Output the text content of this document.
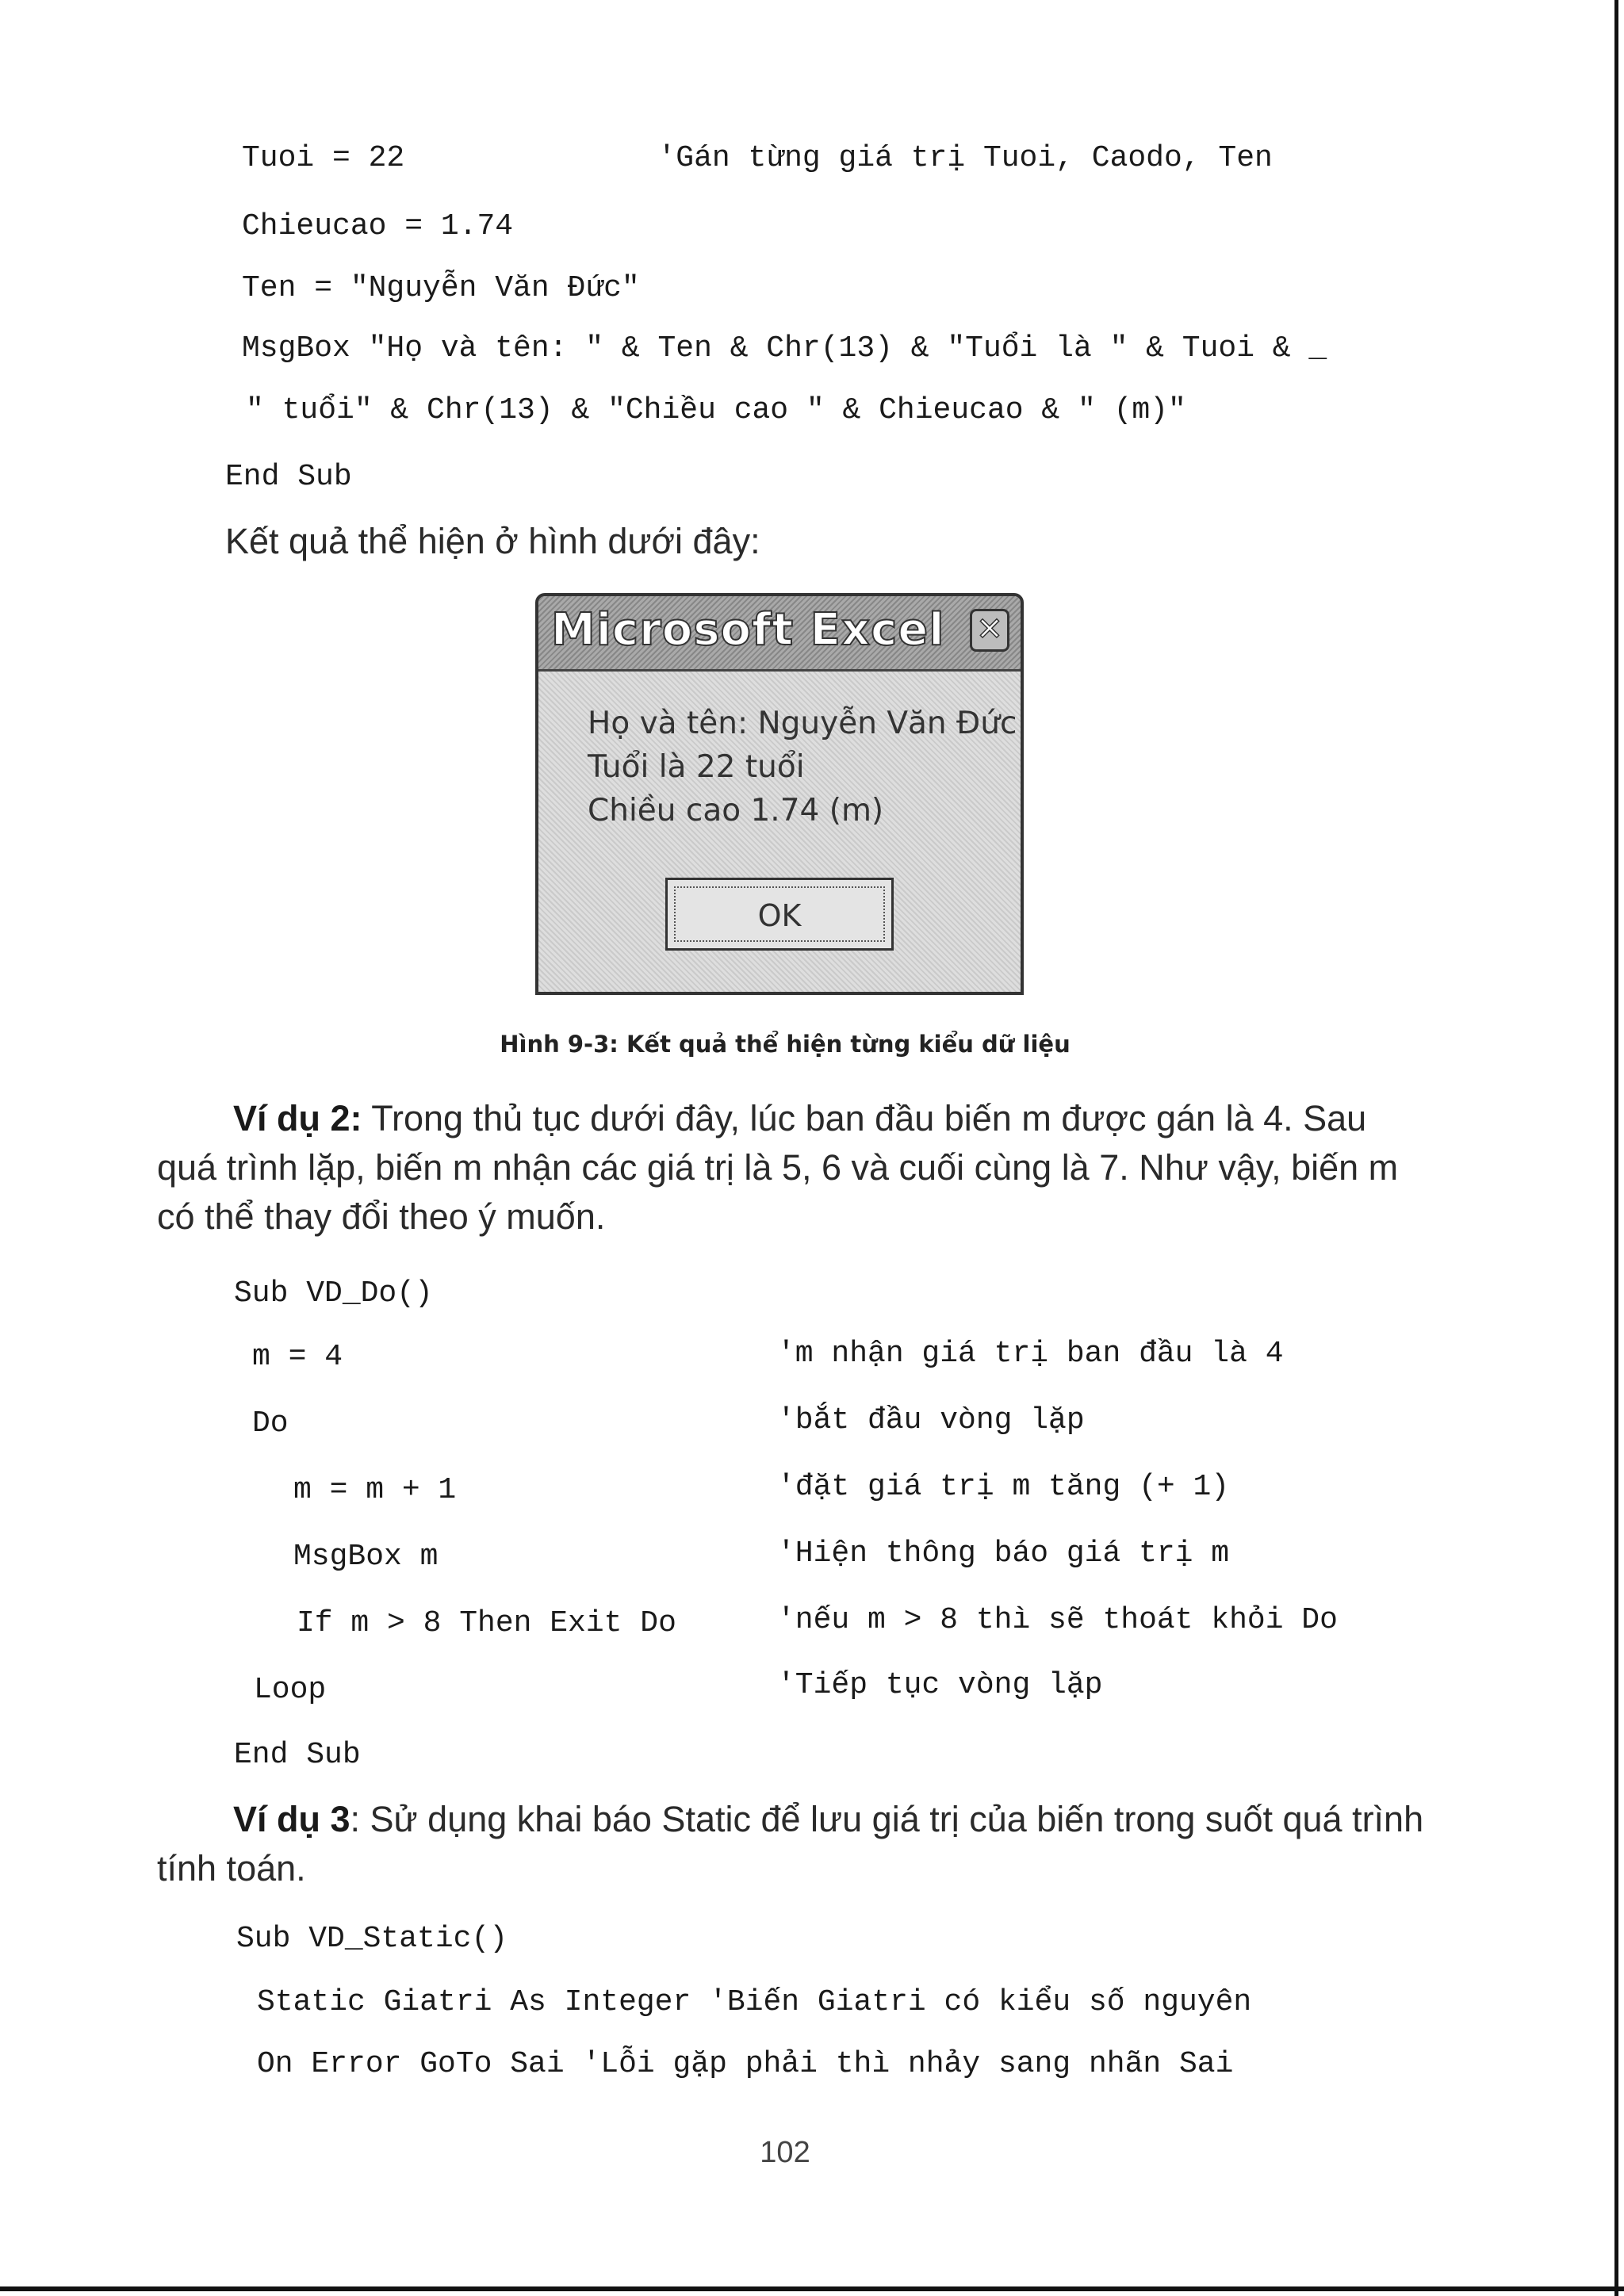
Tuoi = 22              'Gán từng giá trị Tuoi, Caodo, Ten
Chieucao = 1.74
Ten = "Nguyễn Văn Đức"
MsgBox "Họ và tên: " & Ten & Chr(13) & "Tuổi là " & Tuoi & _
" tuổi" & Chr(13) & "Chiều cao " & Chieucao & " (m)"
End Sub
Kết quả thể hiện ở hình dưới đây:
Microsoft Excel ✕
Họ và tên: Nguyễn Văn Đức
Tuổi là 22 tuổi
Chiều cao 1.74 (m)
OK
Hình 9-3: Kết quả thể hiện từng kiểu dữ liệu
Ví dụ 2: Trong thủ tục dưới đây, lúc ban đầu biến m được gán là 4. Sau quá trình lặp, biến m nhận các giá trị là 5, 6 và cuối cùng là 7. Như vậy, biến m có thể thay đổi theo ý muốn.
Sub VD_Do()
m = 4	'm nhận giá trị ban đầu là 4
Do	'bắt đầu vòng lặp
m = m + 1	'đặt giá trị m tăng (+ 1)
MsgBox m	'Hiện thông báo giá trị m
If m > 8 Then Exit Do	'nếu m > 8 thì sẽ thoát khỏi Do
Loop	'Tiếp tục vòng lặp
End Sub
Ví dụ 3: Sử dụng khai báo Static để lưu giá trị của biến trong suốt quá trình tính toán.
Sub VD_Static()
Static Giatri As Integer 'Biến Giatri có kiểu số nguyên
On Error GoTo Sai 'Lỗi gặp phải thì nhảy sang nhãn Sai
102
